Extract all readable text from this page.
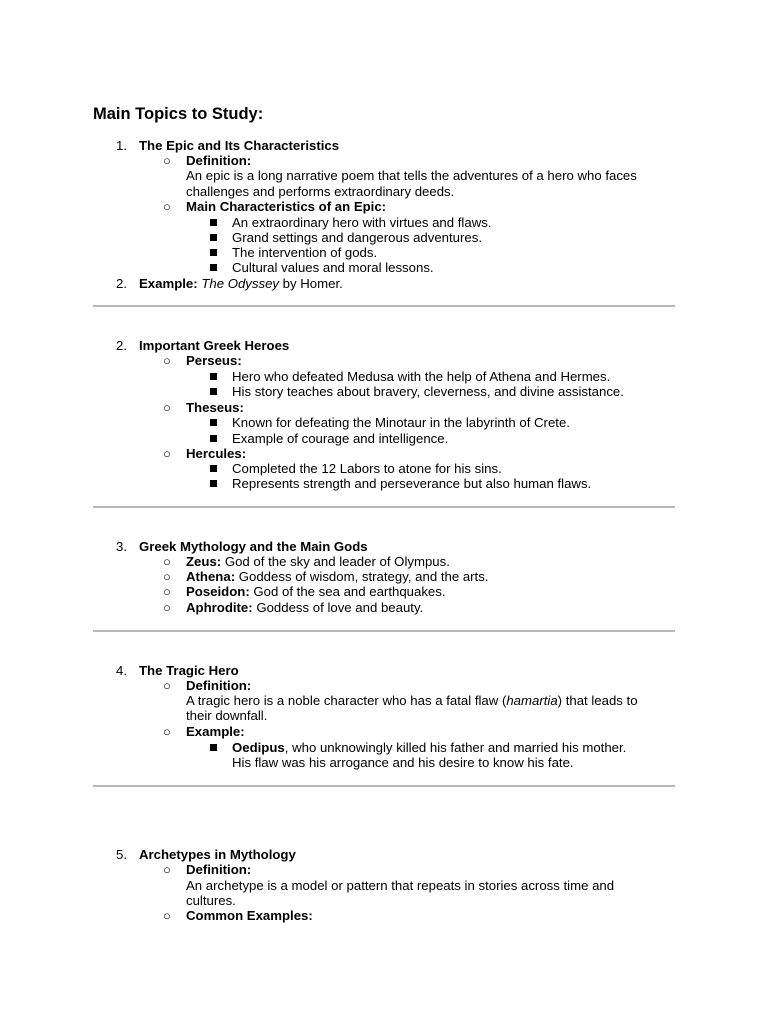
Main Topics to Study:
1. The Epic and Its Characteristics
○ Definition:
An epic is a long narrative poem that tells the adventures of a hero who faces
challenges and performs extraordinary deeds.
○ Main Characteristics of an Epic:
An extraordinary hero with virtues and flaws.
Grand settings and dangerous adventures.
The intervention of gods.
Cultural values and moral lessons.
2. Example: The Odyssey by Homer.
2. Important Greek Heroes
○ Perseus:
Hero who defeated Medusa with the help of Athena and Hermes.
His story teaches about bravery, cleverness, and divine assistance.
○ Theseus:
Known for defeating the Minotaur in the labyrinth of Crete.
Example of courage and intelligence.
○ Hercules:
Completed the 12 Labors to atone for his sins.
Represents strength and perseverance but also human flaws.
3. Greek Mythology and the Main Gods
○ Zeus: God of the sky and leader of Olympus.
○ Athena: Goddess of wisdom, strategy, and the arts.
○ Poseidon: God of the sea and earthquakes.
○ Aphrodite: Goddess of love and beauty.
4. The Tragic Hero
○ Definition:
A tragic hero is a noble character who has a fatal flaw (hamartia) that leads to
their downfall.
○ Example:
Oedipus, who unknowingly killed his father and married his mother.
His flaw was his arrogance and his desire to know his fate.
5. Archetypes in Mythology
○ Definition:
An archetype is a model or pattern that repeats in stories across time and
cultures.
○ Common Examples:
